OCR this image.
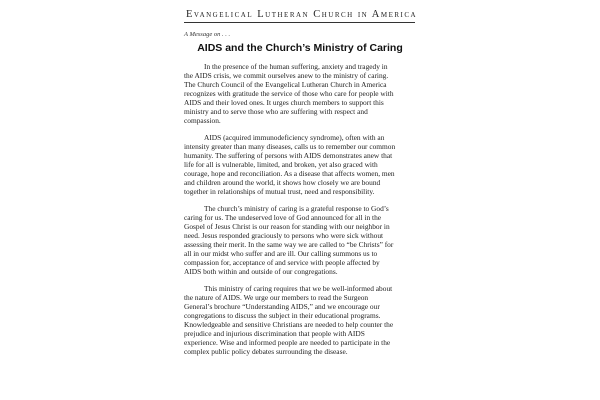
Evangelical Lutheran Church in America
A Message on . . .
AIDS and the Church’s Ministry of Caring

In the presence of the human suffering, anxiety and tragedy in
the AIDS crisis, we commit ourselves anew to the ministry of caring.
The Church Council of the Evangelical Lutheran Church in America
recognizes with gratitude the service of those who care for people with
AIDS and their loved ones. It urges church members to support this
ministry and to serve those who are suffering with respect and
compassion.

AIDS (acquired immunodeficiency syndrome), often with an
intensity greater than many diseases, calls us to remember our common
humanity. The suffering of persons with AIDS demonstrates anew that
life for all is vulnerable, limited, and broken, yet also graced with
courage, hope and reconciliation. As a disease that affects women, men
and children around the world, it shows how closely we are bound
together in relationships of mutual trust, need and responsibility.

The church’s ministry of caring is a grateful response to God’s
caring for us. The undeserved love of God announced for all in the
Gospel of Jesus Christ is our reason for standing with our neighbor in
need. Jesus responded graciously to persons who were sick without
assessing their merit. In the same way we are called to “be Christs” for
all in our midst who suffer and are ill. Our calling summons us to
compassion for, acceptance of and service with people affected by
AIDS both within and outside of our congregations.

This ministry of caring requires that we be well-informed about
the nature of AIDS. We urge our members to read the Surgeon
General’s brochure “Understanding AIDS,” and we encourage our
congregations to discuss the subject in their educational programs.
Knowledgeable and sensitive Christians are needed to help counter the
prejudice and injurious discrimination that people with AIDS
experience. Wise and informed people are needed to participate in the
complex public policy debates surrounding the disease.
